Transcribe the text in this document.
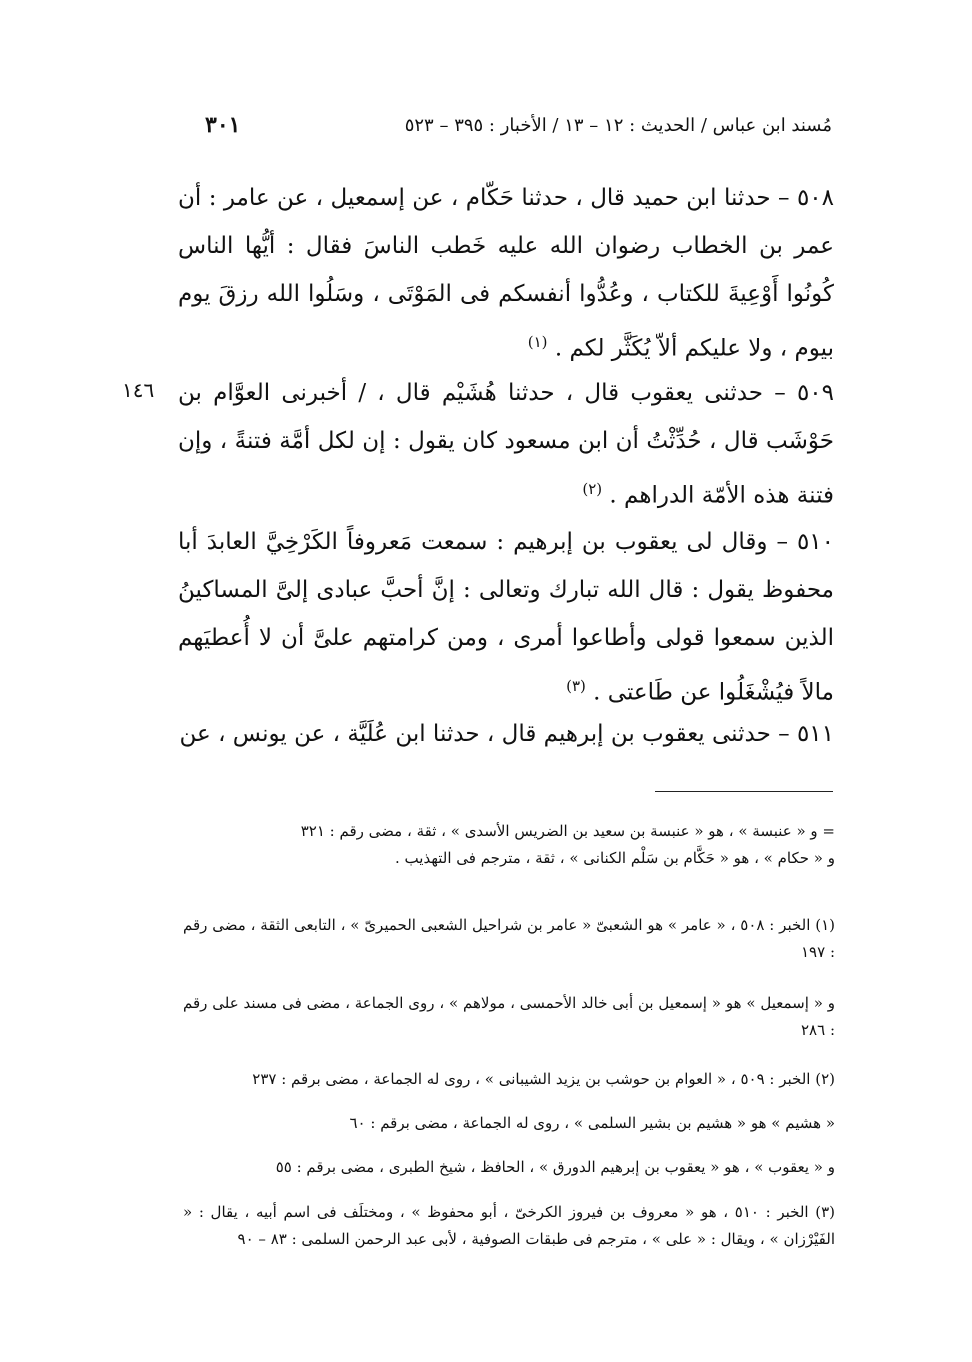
مُسند ابن عباس / الحديث : ١٢ – ١٣ / الأخبار : ٣٩٥ – ٥٢٣
٣٠١
٥٠٨ – حدثنا ابن حميد قال ، حدثنا حَكّام ، عن إسمعيل ، عن عامر : أن عمر بن الخطاب رضوان الله عليه خَطب الناسَ فقال : أيُّها الناس كُونُوا أَوْعِيةَ للكتاب ، وعُدُّوا أنفسكم فى المَوْتَى ، وسَلُوا الله رزقَ يوم بيوم ، ولا عليكم ألاّ يُكَثَّر لكم . $^{(١)}$
١٤٦ ٥٠٩ – حدثنى يعقوب قال ، حدثنا هُشَيْم قال ، / أخبرنى العوَّام بن حَوْشَب قال ، حُدِّثْتُ أن ابن مسعود كان يقول : إن لكل أمَّة فتنةً ، وإن فتنة هذه الأمّة الدراهم . $^{(٢)}$
٥١٠ – وقال لى يعقوب بن إبرهيم : سمعت مَعروفاً الكَرْخِيَّ العابدَ أبا محفوظ يقول : قال الله تبارك وتعالى : إنَّ أحبَّ عبادى إلىَّ المساكينُ الذين سمعوا قولى وأطاعوا أمرى ، ومن كرامتهم علىَّ أن لا أُعطيَهم مالاً فيُشْغَلُوا عن طَاعتى . $^{(٣)}$
٥١١ – حدثنى يعقوب بن إبرهيم قال ، حدثنا ابن عُلَيَّة ، عن يونس ، عن
= و « عنبسة » ، هو « عنبسة بن سعيد بن الضريس الأسدى » ، ثقة ، مضى رقم : ٣٢١
و « حكام » ، هو « حَكَّام بن سَلْم الكنانى » ، ثقة ، مترجم فى التهذيب .
(١) الخبر : ٥٠٨ ، « عامر » هو الشعبىّ « عامر بن شراحيل الشعبى الحميرىّ » ، التابعى الثقة ، مضى رقم : ١٩٧
و « إسمعيل » هو « إسمعيل بن أبى خالد الأحمسى ، مولاهم » ، روى الجماعة ، مضى فى مسند على رقم : ٢٨٦
(٢) الخبر : ٥٠٩ ، « العوام بن حوشب بن يزيد الشيبانى » ، روى له الجماعة ، مضى برقم : ٢٣٧
« هشيم » هو « هشيم بن بشير السلمى » ، روى له الجماعة ، مضى برقم : ٦٠
و « يعقوب » ، هو « يعقوب بن إبرهيم الدورق » ، الحافظ ، شيخ الطبرى ، مضى برقم : ٥٥
(٣) الخبر : ٥١٠ ، هو « معروف بن فيروز الكرخىّ ، أبو محفوظ » ، ومختلَف فى اسم أبيه ، يقال : « الفَيْرْزان » ، ويقال : « على » ، مترجم فى طبقات الصوفية ، لأبى عبد الرحمن السلمى : ٨٣ – ٩٠
